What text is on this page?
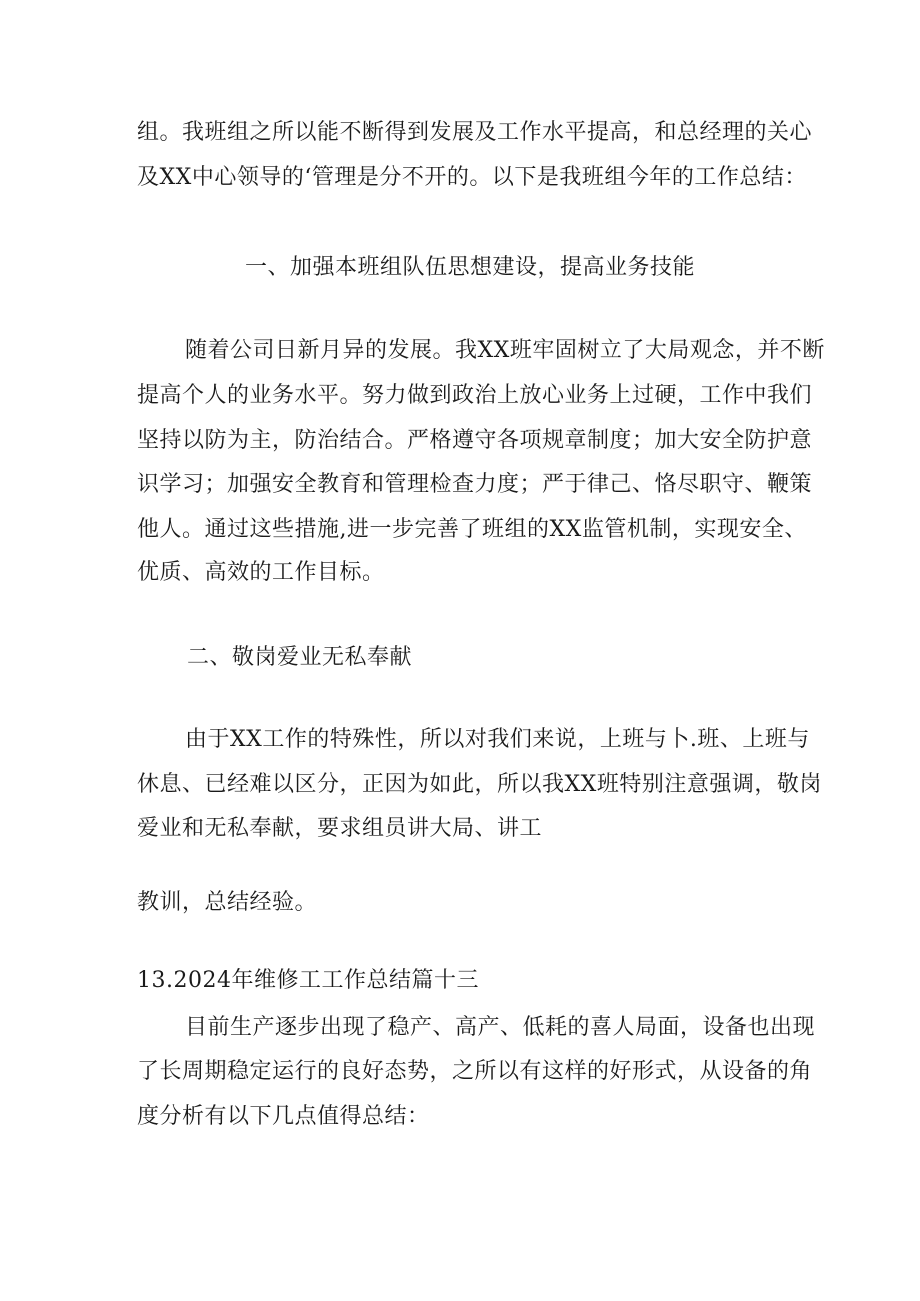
组。我班组之所以能不断得到发展及工作水平提高，和总经理的关心
及XX中心领导的‘管理是分不开的。以下是我班组今年的工作总结：
一、加强本班组队伍思想建设，提高业务技能
随着公司日新月异的发展。我XX班牢固树立了大局观念，并不断
提高个人的业务水平。努力做到政治上放心业务上过硬，工作中我们
坚持以防为主，防治结合。严格遵守各项规章制度；加大安全防护意
识学习；加强安全教育和管理检查力度；严于律己、恪尽职守、鞭策
他人。通过这些措施,进一步完善了班组的XX监管机制，实现安全、
优质、高效的工作目标。
二、敬岗爱业无私奉献
由于XX工作的特殊性，所以对我们来说，上班与卜.班、上班与
休息、已经难以区分，正因为如此，所以我XX班特别注意强调，敬岗
爱业和无私奉献，要求组员讲大局、讲工
教训，总结经验。
13.2024年维修工工作总结篇十三
目前生产逐步出现了稳产、高产、低耗的喜人局面，设备也出现
了长周期稳定运行的良好态势，之所以有这样的好形式，从设备的角
度分析有以下几点值得总结：
